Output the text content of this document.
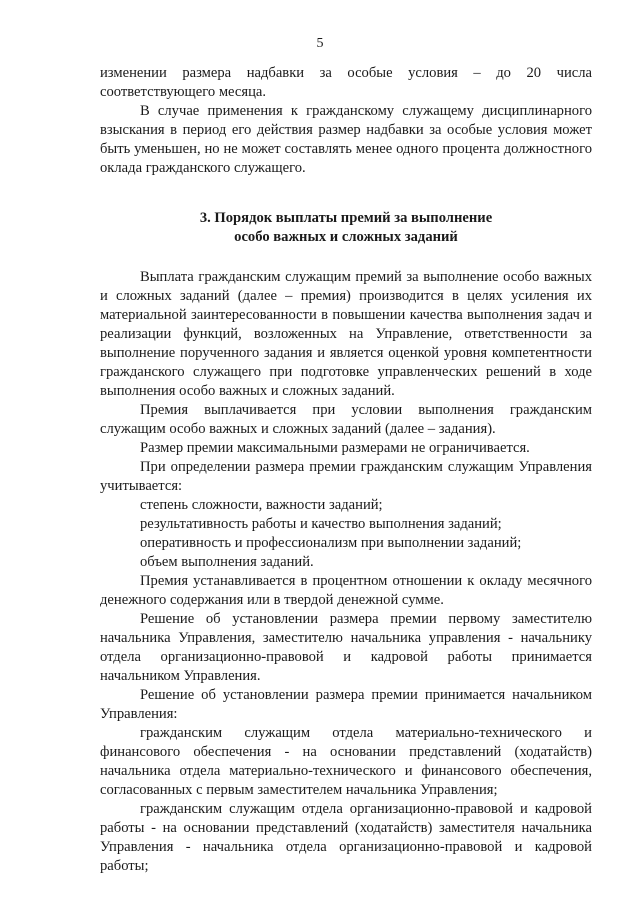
5

изменении размера надбавки за особые условия – до 20 числа соответствующего месяца.

В случае применения к гражданскому служащему дисциплинарного взыскания в период его действия размер надбавки за особые условия может быть уменьшен, но не может составлять менее одного процента должностного оклада гражданского служащего.

3. Порядок выплаты премий за выполнение
особо важных и сложных заданий

Выплата гражданским служащим премий за выполнение особо важных и сложных заданий (далее – премия) производится в целях усиления их материальной заинтересованности в повышении качества выполнения задач и реализации функций, возложенных на Управление, ответственности за выполнение порученного задания и является оценкой уровня компетентности гражданского служащего при подготовке управленческих решений в ходе выполнения особо важных и сложных заданий.

Премия выплачивается при условии выполнения гражданским служащим особо важных и сложных заданий (далее – задания).

Размер премии максимальными размерами не ограничивается.

При определении размера премии гражданским служащим Управления учитывается:

степень сложности, важности заданий;

результативность работы и качество выполнения заданий;

оперативность и профессионализм при выполнении заданий;

объем выполнения заданий.

Премия устанавливается в процентном отношении к окладу месячного денежного содержания или в твердой денежной сумме.

Решение об установлении размера премии первому заместителю начальника Управления, заместителю начальника управления - начальнику отдела организационно-правовой и кадровой работы принимается начальником Управления.

Решение об установлении размера премии принимается начальником Управления:

гражданским служащим отдела материально-технического и финансового обеспечения - на основании представлений (ходатайств) начальника отдела материально-технического и финансового обеспечения, согласованных с первым заместителем начальника Управления;

гражданским служащим отдела организационно-правовой и кадровой работы - на основании представлений (ходатайств) заместителя начальника Управления - начальника отдела организационно-правовой и кадровой работы;
